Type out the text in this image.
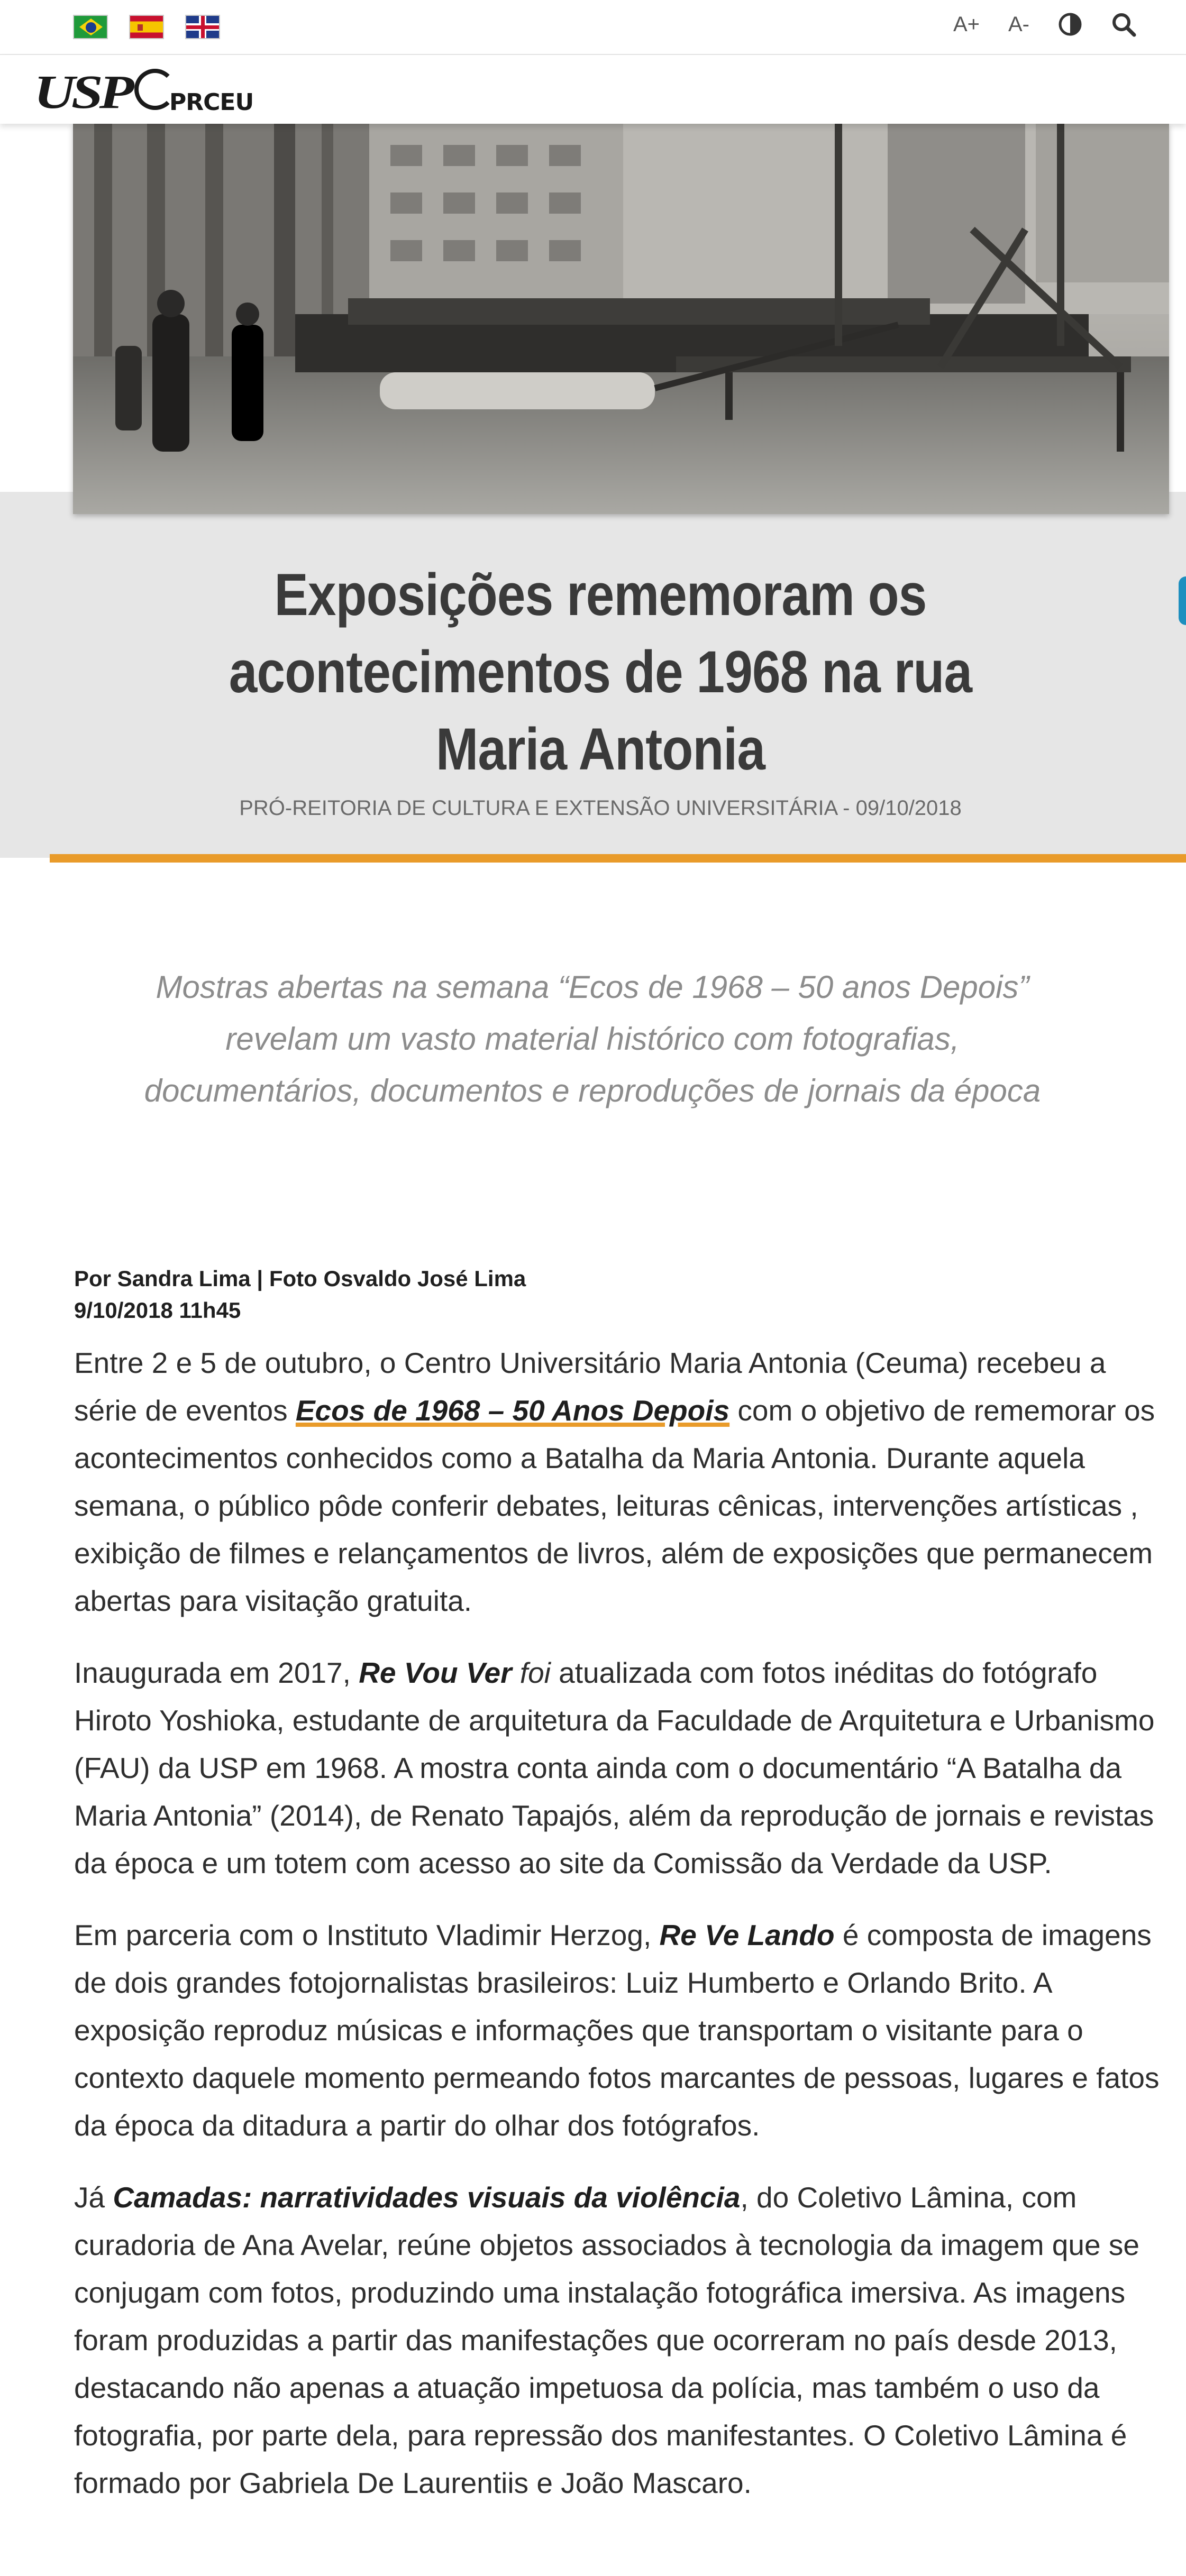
A+ A-
USP PRCEU
Exposições rememoram os acontecimentos de 1968 na rua Maria Antonia
PRÓ-REITORIA DE CULTURA E EXTENSÃO UNIVERSITÁRIA - 09/10/2018

Mostras abertas na semana “Ecos de 1968 – 50 anos Depois” revelam um vasto material histórico com fotografias, documentários, documentos e reproduções de jornais da época

Por Sandra Lima | Foto Osvaldo José Lima
9/10/2018 11h45

Entre 2 e 5 de outubro, o Centro Universitário Maria Antonia (Ceuma) recebeu a série de eventos Ecos de 1968 – 50 Anos Depois com o objetivo de rememorar os acontecimentos conhecidos como a Batalha da Maria Antonia. Durante aquela semana, o público pôde conferir debates, leituras cênicas, intervenções artísticas , exibição de filmes e relançamentos de livros, além de exposições que permanecem abertas para visitação gratuita.

Inaugurada em 2017, Re Vou Ver foi atualizada com fotos inéditas do fotógrafo Hiroto Yoshioka, estudante de arquitetura da Faculdade de Arquitetura e Urbanismo (FAU) da USP em 1968. A mostra conta ainda com o documentário “A Batalha da Maria Antonia” (2014), de Renato Tapajós, além da reprodução de jornais e revistas da época e um totem com acesso ao site da Comissão da Verdade da USP.

Em parceria com o Instituto Vladimir Herzog, Re Ve Lando é composta de imagens de dois grandes fotojornalistas brasileiros: Luiz Humberto e Orlando Brito. A exposição reproduz músicas e informações que transportam o visitante para o contexto daquele momento permeando fotos marcantes de pessoas, lugares e fatos da época da ditadura a partir do olhar dos fotógrafos.

Já Camadas: narratividades visuais da violência, do Coletivo Lâmina, com curadoria de Ana Avelar, reúne objetos associados à tecnologia da imagem que se conjugam com fotos, produzindo uma instalação fotográfica imersiva. As imagens foram produzidas a partir das manifestações que ocorreram no país desde 2013, destacando não apenas a atuação impetuosa da polícia, mas também o uso da fotografia, por parte dela, para repressão dos manifestantes. O Coletivo Lâmina é formado por Gabriela De Laurentiis e João Mascaro.
